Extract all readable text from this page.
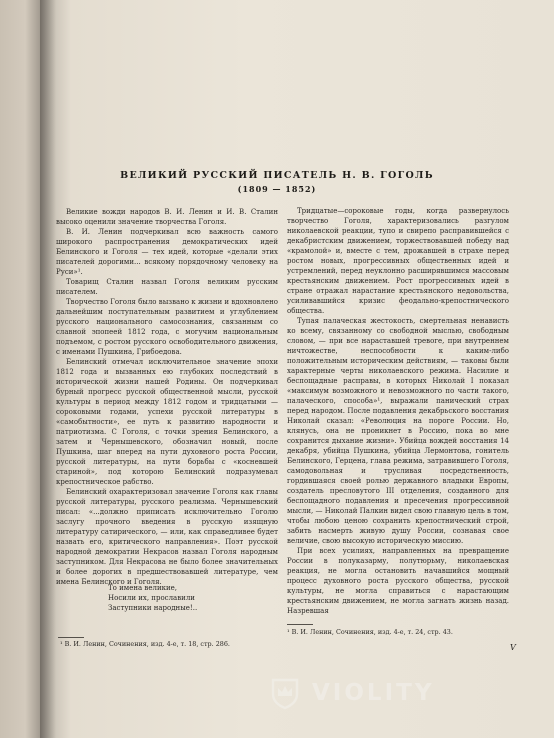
ВЕЛИКИЙ РУССКИЙ ПИСАТЕЛЬ Н. В. ГОГОЛЬ
(1809 — 1852)

Великие вожди народов В. И. Ленин и И. В. Сталин высоко оценили значение творчества Гоголя.

В. И. Ленин подчеркивал всю важность самого широкого распространения демократических идей Белинского и Гоголя — тех идей, которые «делали этих писателей дорогими... всякому порядочному человеку на Руси»¹.

Товарищ Сталин назвал Гоголя великим русским писателем.

Творчество Гоголя было вызвано к жизни и вдохновлено дальнейшим поступательным развитием и углублением русского национального самосознания, связанным со славной эпопеей 1812 года, с могучим национальным подъемом, с ростом русского освободительного движения, с именами Пушкина, Грибоедова.

Белинский отмечал исключительное значение эпохи 1812 года и вызванных ею глубоких последствий в исторической жизни нашей Родины. Он подчеркивал бурный прогресс русской общественной мысли, русской культуры в период между 1812 годом и тридцатыми — сороковыми годами, успехи русской литературы в «самобытности», ее путь к развитию народности и патриотизма. С Гоголя, с точки зрения Белинского, а затем и Чернышевского, обозначил новый, после Пушкина, шаг вперед на пути духовного роста России, русской литературы, на пути борьбы с «косневшей стариной», под которою Белинский подразумевал крепостническое рабство.

Белинский охарактеризовал значение Гоголя как главы русской литературы, русского реализма. Чернышевский писал: «...должно приписать исключительно Гоголю заслугу прочного введения в русскую изящную литературу сатирического, — или, как справедливее будет назвать его, критического направления». Поэт русской народной демократии Некрасов назвал Гоголя народным заступником. Для Некрасова не было более значительных и более дорогих в предшествовавшей литературе, чем имена Белинского и Гоголя.

То имена великие,
Носили их, прославили
Заступники народные!..

Тридцатые—сороковые годы, когда развернулось творчество Гоголя, характеризовались разгулом николаевской реакции, тупо и свирепо расправившейся с декабристским движением, торжествовавшей победу над «крамолой» и, вместе с тем, дрожавшей в страхе перед ростом новых, прогрессивных общественных идей и устремлений, перед неуклонно расширявшимся массовым крестьянским движением. Рост прогрессивных идей в стране отражал нарастание крестьянского недовольства, усиливавшийся кризис феодально-крепостнического общества.

Тупая палаческая жестокость, смертельная ненависть ко всему, связанному со свободной мыслью, свободным словом, — при все нараставшей тревоге, при внутреннем ничтожестве, неспособности к каким-либо положительным историческим действиям, — таковы были характерные черты николаевского режима. Насилие и беспощадные расправы, в которых Николай I показал «максимум возможного и невозможного по части такого, палаческого, способа»¹, выражали панический страх перед народом. После подавления декабрьского восстания Николай сказал: «Революция на пороге России. Но, клянусь, она не проникнет в Россию, пока во мне сохранится дыхание жизни». Убийца вождей восстания 14 декабря, убийца Пушкина, убийца Лермонтова, гонитель Белинского, Герцена, глава режима, затравившего Гоголя, самодовольная и трусливая посредственность, гордившаяся своей ролью державного владыки Европы, создатель пресловутого III отделения, созданного для беспощадного подавления и пресечения прогрессивной мысли, — Николай Палкин видел свою главную цель в том, чтобы любою ценою сохранить крепостнический строй, забить насмерть живую душу России, сознавая свое величие, свою высокую историческую миссию.

При всех усилиях, направленных на превращение России в полуказарму, полутюрьму, николаевская реакция, не могла остановить начавшийся мощный процесс духовного роста русского общества, русской культуры, не могла справиться с нарастающим крестьянским движением, не могла загнать жизнь назад. Назревшая

¹ В. И. Ленин, Сочинения, изд. 4-е, т. 18, стр. 286.
¹ В. И. Ленин, Сочинения, изд. 4-е, т. 24, стр. 43.
V
VIOLITY
